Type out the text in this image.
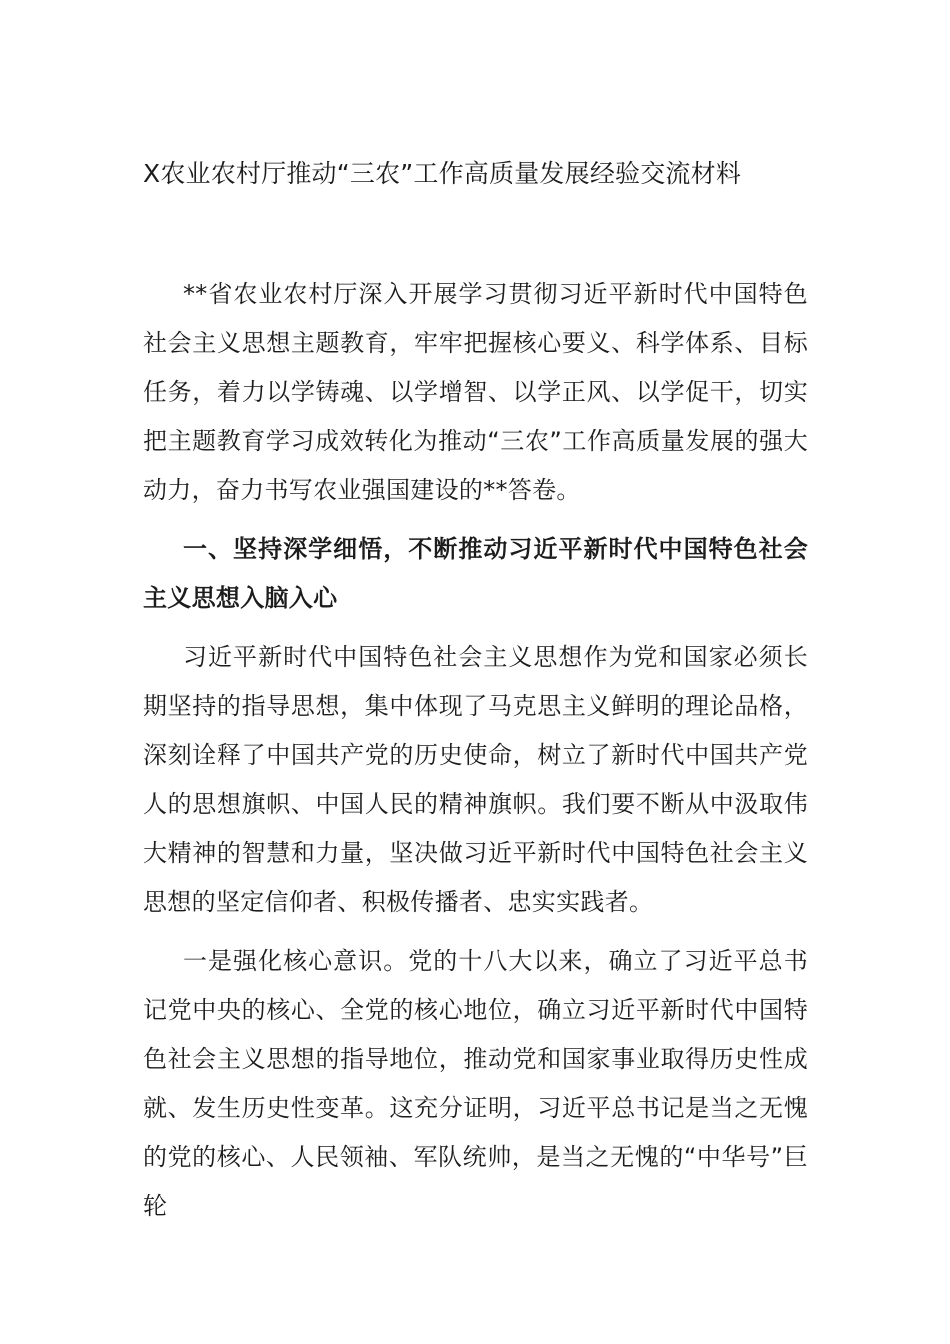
X农业农村厅推动“三农”工作高质量发展经验交流材料

**省农业农村厅深入开展学习贯彻习近平新时代中国特色社会主义思想主题教育，牢牢把握核心要义、科学体系、目标任务，着力以学铸魂、以学增智、以学正风、以学促干，切实把主题教育学习成效转化为推动“三农”工作高质量发展的强大动力，奋力书写农业强国建设的**答卷。

一、坚持深学细悟，不断推动习近平新时代中国特色社会主义思想入脑入心

习近平新时代中国特色社会主义思想作为党和国家必须长期坚持的指导思想，集中体现了马克思主义鲜明的理论品格，深刻诠释了中国共产党的历史使命，树立了新时代中国共产党人的思想旗帜、中国人民的精神旗帜。我们要不断从中汲取伟大精神的智慧和力量，坚决做习近平新时代中国特色社会主义思想的坚定信仰者、积极传播者、忠实实践者。

一是强化核心意识。党的十八大以来，确立了习近平总书记党中央的核心、全党的核心地位，确立习近平新时代中国特色社会主义思想的指导地位，推动党和国家事业取得历史性成就、发生历史性变革。这充分证明，习近平总书记是当之无愧的党的核心、人民领袖、军队统帅，是当之无愧的“中华号”巨轮
